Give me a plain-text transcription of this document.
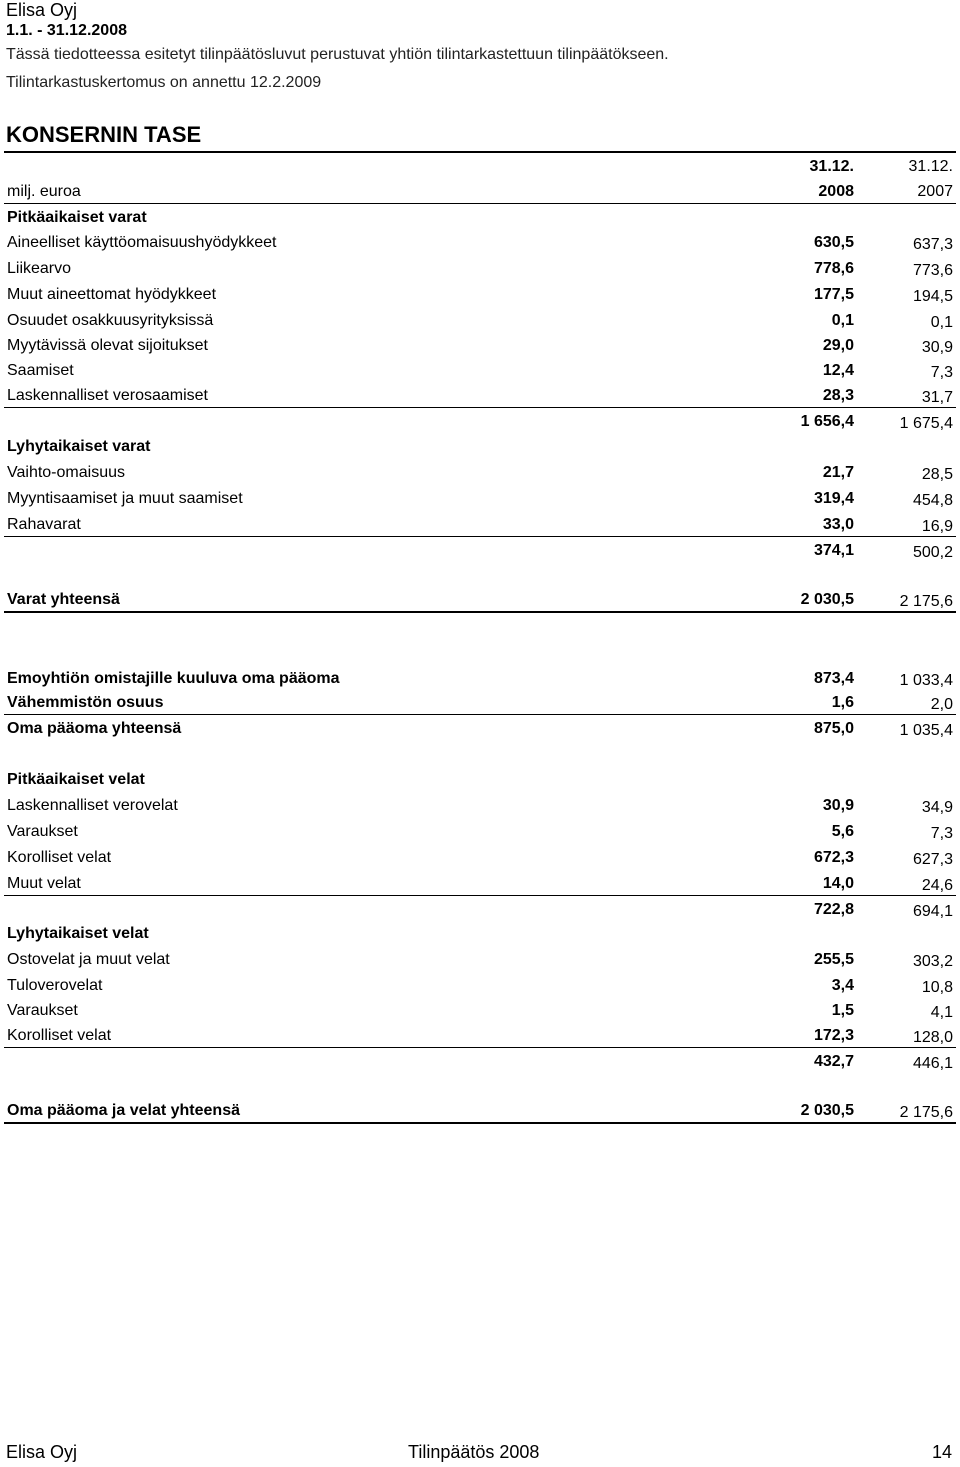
Elisa Oyj
1.1. - 31.12.2008
Tässä tiedotteessa esitetyt tilinpäätösluvut perustuvat yhtiön tilintarkastettuun tilinpäätökseen.
Tilintarkastuskertomus on annettu 12.2.2009
KONSERNIN TASE
31.12.	31.12.
milj. euroa	2008	2007
Pitkäaikaiset varat
Aineelliset käyttöomaisuushyödykkeet	630,5	637,3
Liikearvo	778,6	773,6
Muut aineettomat hyödykkeet	177,5	194,5
Osuudet osakkuusyrityksissä	0,1	0,1
Myytävissä olevat sijoitukset	29,0	30,9
Saamiset	12,4	7,3
Laskennalliset verosaamiset	28,3	31,7
1 656,4	1 675,4
Lyhytaikaiset varat
Vaihto-omaisuus	21,7	28,5
Myyntisaamiset ja muut saamiset	319,4	454,8
Rahavarat	33,0	16,9
374,1	500,2
Varat yhteensä	2 030,5	2 175,6
Emoyhtiön omistajille kuuluva oma pääoma	873,4	1 033,4
Vähemmistön osuus	1,6	2,0
Oma pääoma yhteensä	875,0	1 035,4
Pitkäaikaiset velat
Laskennalliset verovelat	30,9	34,9
Varaukset	5,6	7,3
Korolliset velat	672,3	627,3
Muut velat	14,0	24,6
722,8	694,1
Lyhytaikaiset velat
Ostovelat ja muut velat	255,5	303,2
Tuloverovelat	3,4	10,8
Varaukset	1,5	4,1
Korolliset velat	172,3	128,0
432,7	446,1
Oma pääoma ja velat yhteensä	2 030,5	2 175,6
Elisa Oyj	Tilinpäätös 2008	14
